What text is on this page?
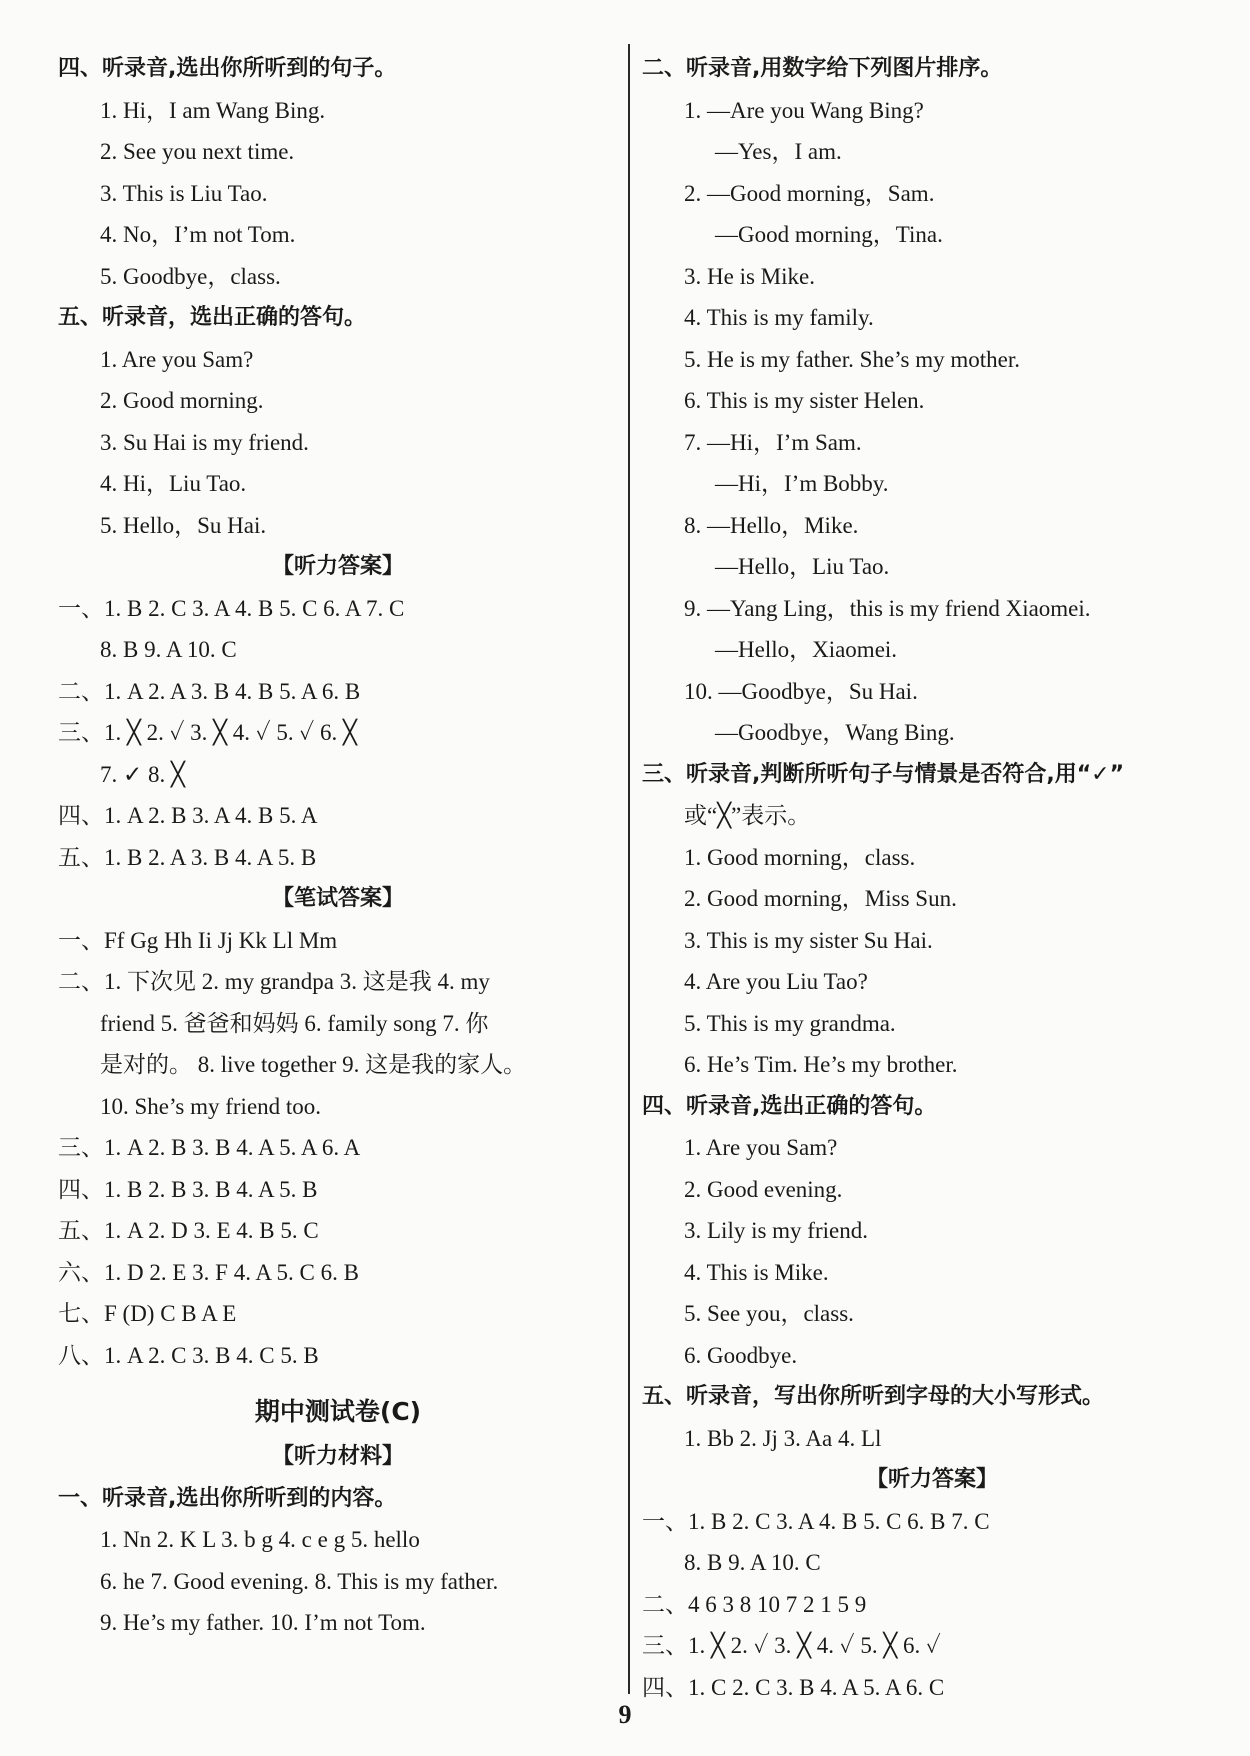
四、听录音,选出你所听到的句子。
1. Hi，I am Wang Bing.
2. See you next time.
3. This is Liu Tao.
4. No，I’m not Tom.
5. Goodbye，class.
五、听录音，选出正确的答句。
1. Are you Sam?
2. Good morning.
3. Su Hai is my friend.
4. Hi，Liu Tao.
5. Hello，Su Hai.
【听力答案】
一、1. B 2. C 3. A 4. B 5. C 6. A 7. C
8. B 9. A 10. C
二、1. A 2. A 3. B 4. B 5. A 6. B
三、1. ╳ 2. ✓ 3. ╳ 4. ✓ 5. ✓ 6. ╳
7. ✓ 8. ╳
四、1. A 2. B 3. A 4. B 5. A
五、1. B 2. A 3. B 4. A 5. B
【笔试答案】
一、Ff Gg Hh Ii Jj Kk Ll Mm
二、1. 下次见 2. my grandpa 3. 这是我 4. my
friend 5. 爸爸和妈妈 6. family song 7. 你
是对的。 8. live together 9. 这是我的家人。
10. She’s my friend too.
三、1. A 2. B 3. B 4. A 5. A 6. A
四、1. B 2. B 3. B 4. A 5. B
五、1. A 2. D 3. E 4. B 5. C
六、1. D 2. E 3. F 4. A 5. C 6. B
七、F (D) C B A E
八、1. A 2. C 3. B 4. C 5. B
期中测试卷(C)
【听力材料】
一、听录音,选出你所听到的内容。
1. Nn 2. K L 3. b g 4. c e g 5. hello
6. he 7. Good evening. 8. This is my father.
9. He’s my father. 10. I’m not Tom.
二、听录音,用数字给下列图片排序。
1. —Are you Wang Bing?
—Yes，I am.
2. —Good morning，Sam.
—Good morning，Tina.
3. He is Mike.
4. This is my family.
5. He is my father. She’s my mother.
6. This is my sister Helen.
7. —Hi，I’m Sam.
—Hi，I’m Bobby.
8. —Hello，Mike.
—Hello，Liu Tao.
9. —Yang Ling，this is my friend Xiaomei.
—Hello，Xiaomei.
10. —Goodbye，Su Hai.
—Goodbye，Wang Bing.
三、听录音,判断所听句子与情景是否符合,用“✓”
或“╳”表示。
1. Good morning，class.
2. Good morning，Miss Sun.
3. This is my sister Su Hai.
4. Are you Liu Tao?
5. This is my grandma.
6. He’s Tim. He’s my brother.
四、听录音,选出正确的答句。
1. Are you Sam?
2. Good evening.
3. Lily is my friend.
4. This is Mike.
5. See you，class.
6. Goodbye.
五、听录音，写出你所听到字母的大小写形式。
1. Bb 2. Jj 3. Aa 4. Ll
【听力答案】
一、1. B 2. C 3. A 4. B 5. C 6. B 7. C
8. B 9. A 10. C
二、4 6 3 8 10 7 2 1 5 9
三、1. ╳ 2. ✓ 3. ╳ 4. ✓ 5. ╳ 6. ✓
四、1. C 2. C 3. B 4. A 5. A 6. C
9
